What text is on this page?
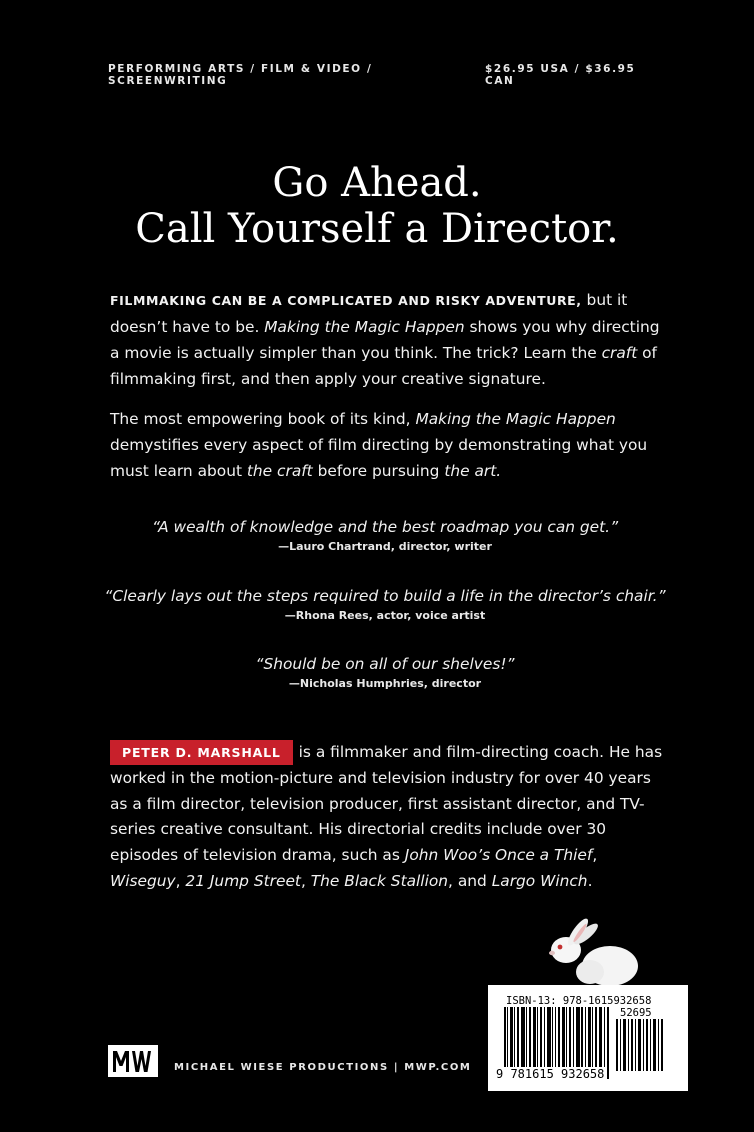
PERFORMING ARTS / FILM & VIDEO / SCREENWRITING
$26.95 USA / $36.95 CAN
Go Ahead.
Call Yourself a Director.
FILMMAKING CAN BE A COMPLICATED AND RISKY ADVENTURE, but it doesn’t have to be. Making the Magic Happen shows you why directing a movie is actually simpler than you think. The trick? Learn the craft of filmmaking first, and then apply your creative signature.
The most empowering book of its kind, Making the Magic Happen demystifies every aspect of film directing by demonstrating what you must learn about the craft before pursuing the art.
“A wealth of knowledge and the best roadmap you can get.”
—Lauro Chartrand, director, writer
“Clearly lays out the steps required to build a life in the director’s chair.”
—Rhona Rees, actor, voice artist
“Should be on all of our shelves!”
—Nicholas Humphries, director
PETER D. MARSHALL is a filmmaker and film-directing coach. He has worked in the motion-picture and television industry for over 40 years as a film director, television producer, first assistant director, and TV-series creative consultant. His directorial credits include over 30 episodes of television drama, such as John Woo’s Once a Thief, Wiseguy, 21 Jump Street, The Black Stallion, and Largo Winch.
ISBN-13: 978-1615932658
52695
9 781615 932658
MICHAEL WIESE PRODUCTIONS | MWP.COM
